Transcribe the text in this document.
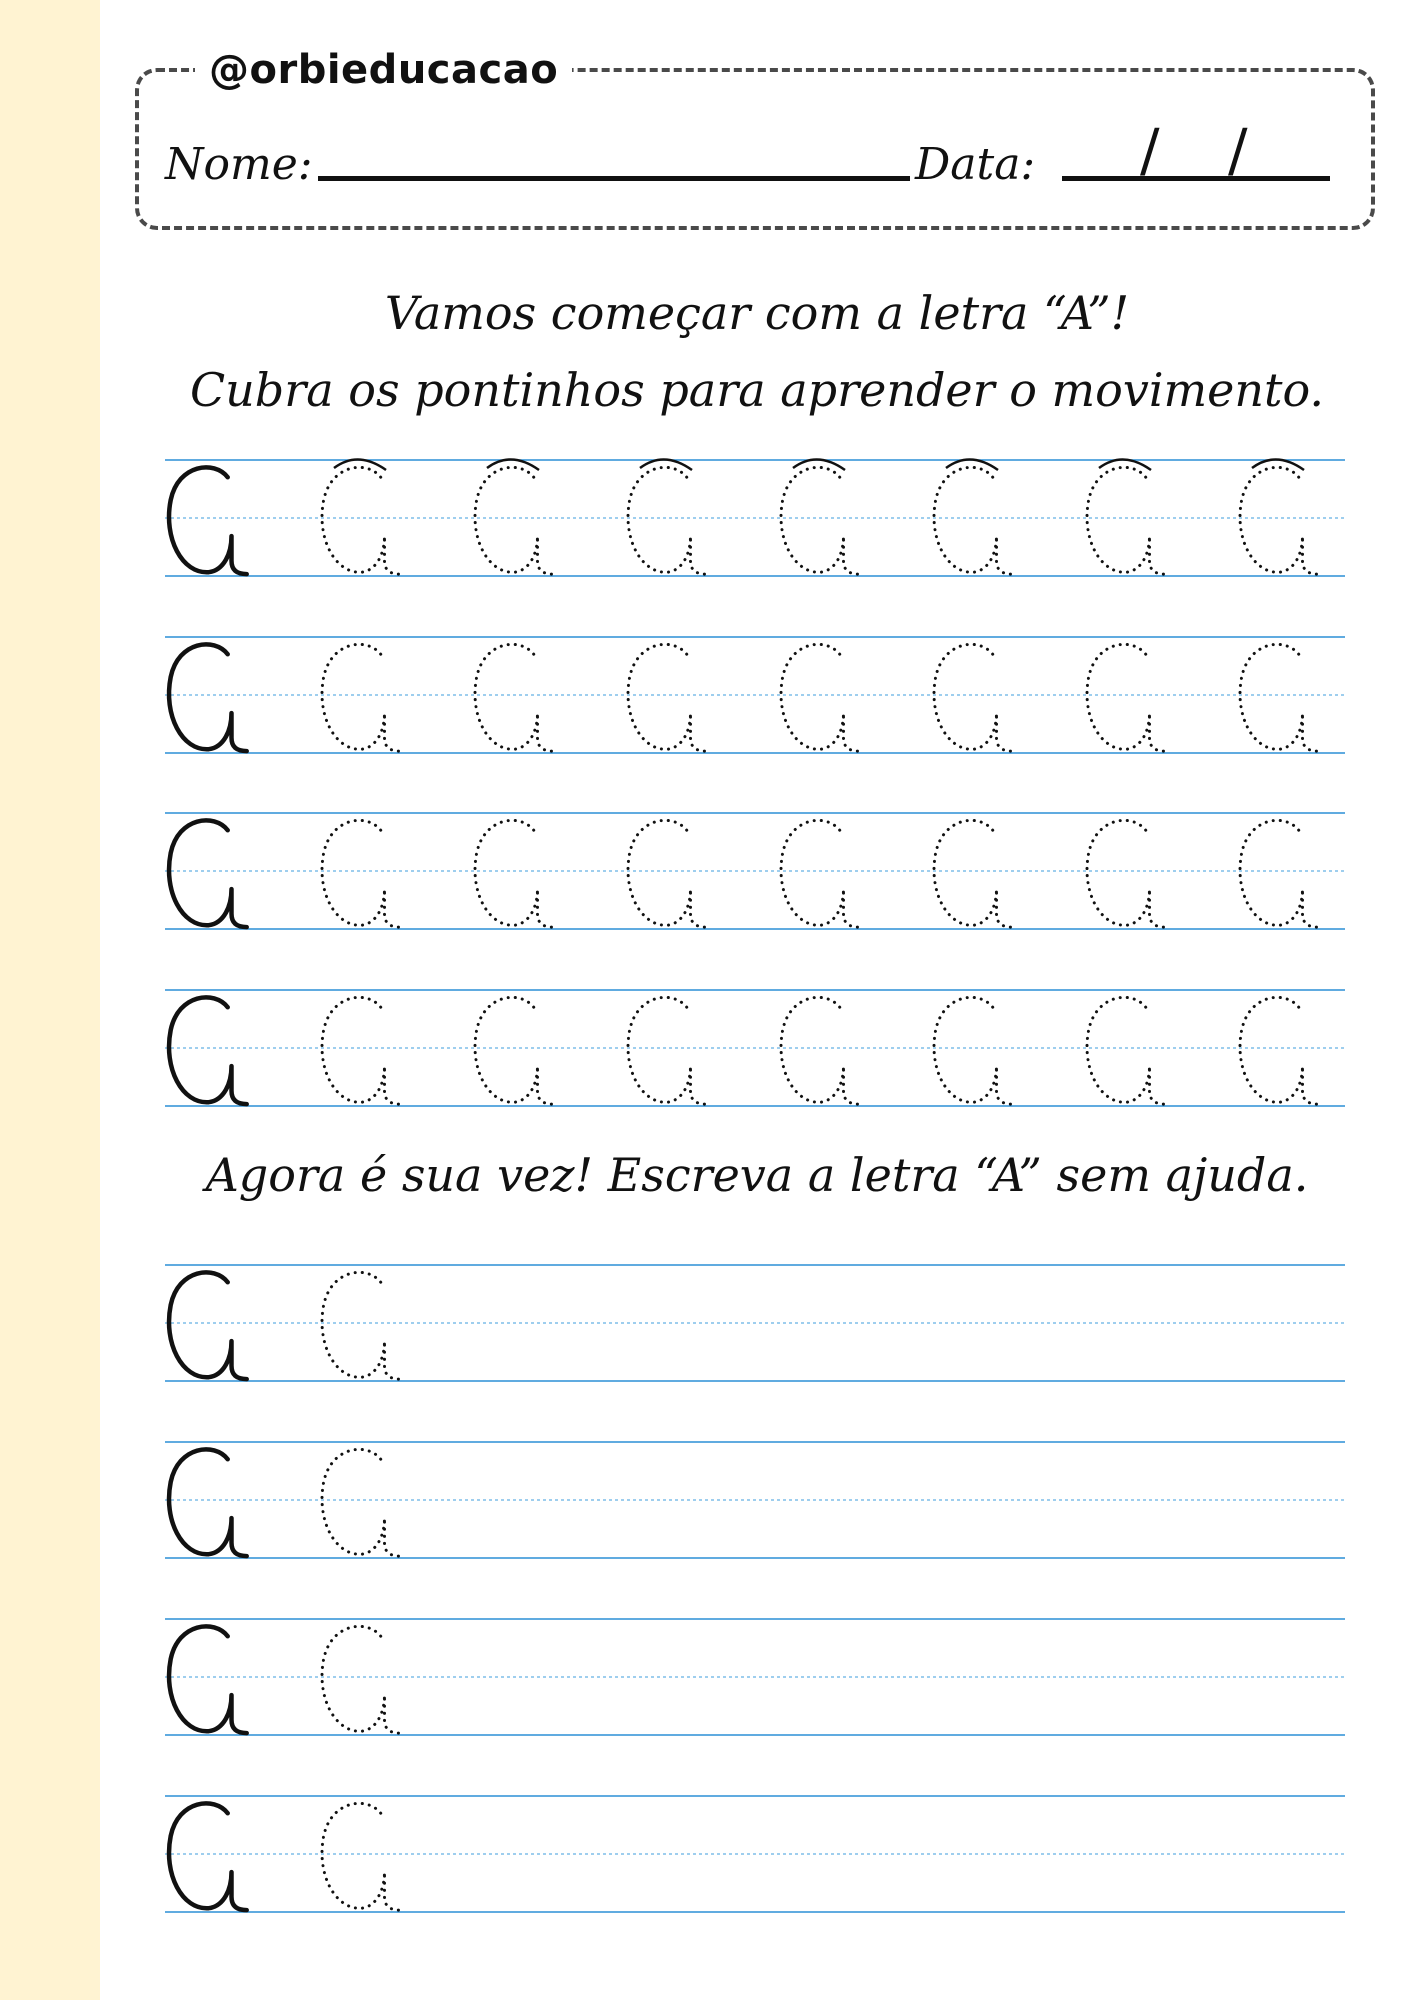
@orbieducacao
Nome:	Data: / /
Vamos começar com a letra “A”!
Cubra os pontinhos para aprender o movimento.
Agora é sua vez! Escreva a letra “A” sem ajuda.
